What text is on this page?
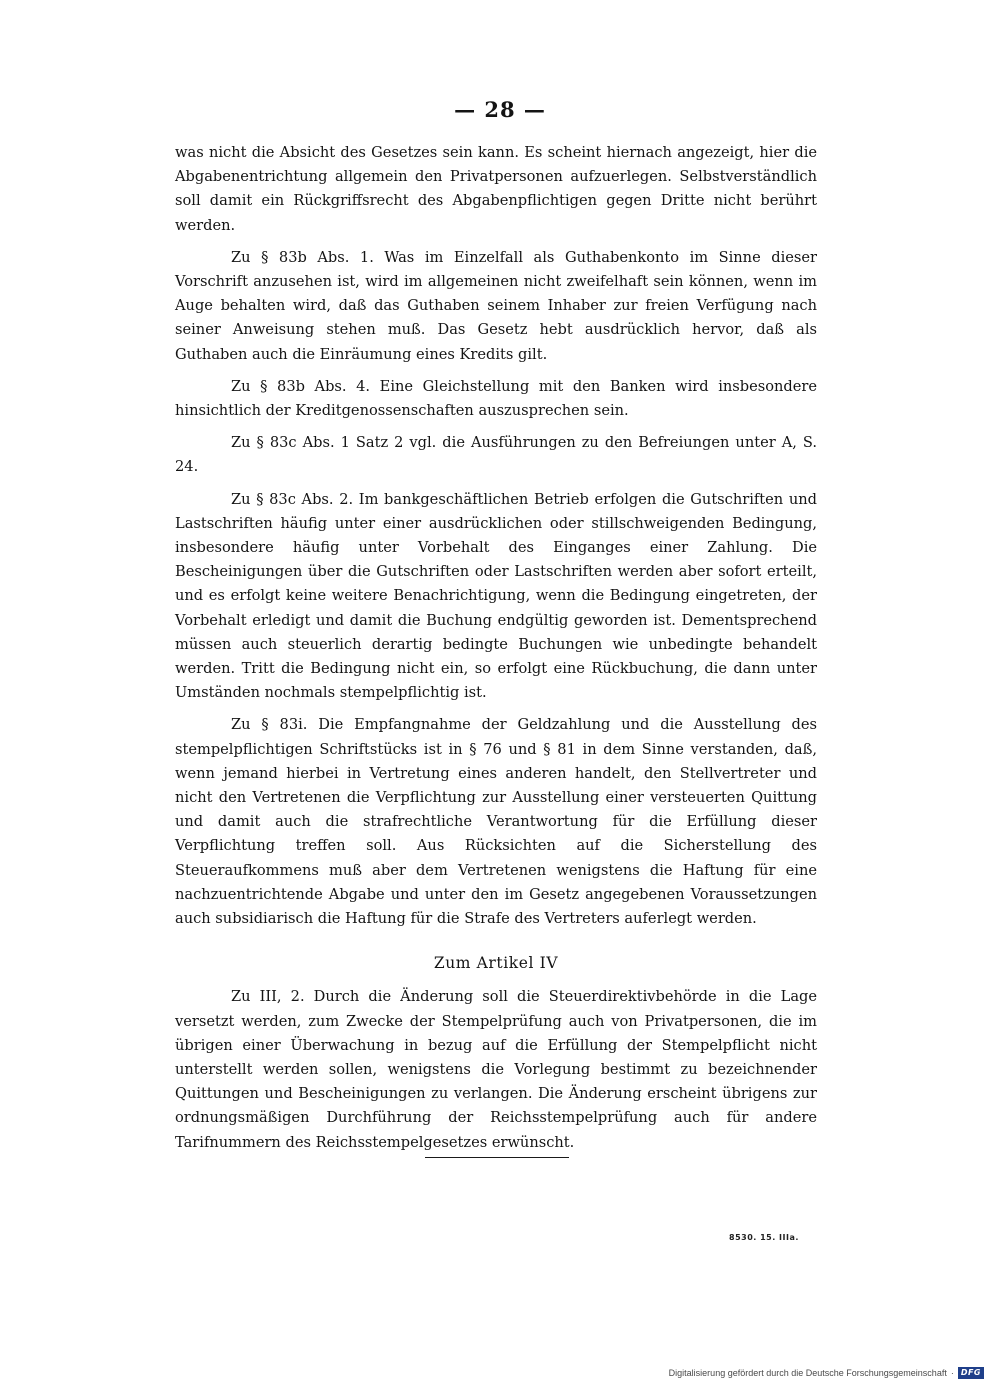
— 28 —

was nicht die Absicht des Gesetzes sein kann. Es scheint hiernach angezeigt, hier die Abgabenentrichtung allgemein den Privatpersonen aufzuerlegen. Selbstverständlich soll damit ein Rückgriffsrecht des Abgabenpflichtigen gegen Dritte nicht berührt werden.

Zu § 83b Abs. 1. Was im Einzelfall als Guthabenkonto im Sinne dieser Vorschrift anzusehen ist, wird im allgemeinen nicht zweifelhaft sein können, wenn im Auge behalten wird, daß das Guthaben seinem Inhaber zur freien Verfügung nach seiner Anweisung stehen muß. Das Gesetz hebt ausdrücklich hervor, daß als Guthaben auch die Einräumung eines Kredits gilt.

Zu § 83b Abs. 4. Eine Gleichstellung mit den Banken wird insbesondere hinsichtlich der Kreditgenossenschaften auszusprechen sein.

Zu § 83c Abs. 1 Satz 2 vgl. die Ausführungen zu den Befreiungen unter A, S. 24.

Zu § 83c Abs. 2. Im bankgeschäftlichen Betrieb erfolgen die Gutschriften und Lastschriften häufig unter einer ausdrücklichen oder stillschweigenden Bedingung, insbesondere häufig unter Vorbehalt des Einganges einer Zahlung. Die Bescheinigungen über die Gutschriften oder Lastschriften werden aber sofort erteilt, und es erfolgt keine weitere Benachrichtigung, wenn die Bedingung eingetreten, der Vorbehalt erledigt und damit die Buchung endgültig geworden ist. Dementsprechend müssen auch steuerlich derartig bedingte Buchungen wie unbedingte behandelt werden. Tritt die Bedingung nicht ein, so erfolgt eine Rückbuchung, die dann unter Umständen nochmals stempelpflichtig ist.

Zu § 83i. Die Empfangnahme der Geldzahlung und die Ausstellung des stempelpflichtigen Schriftstücks ist in § 76 und § 81 in dem Sinne verstanden, daß, wenn jemand hierbei in Vertretung eines anderen handelt, den Stellvertreter und nicht den Vertretenen die Verpflichtung zur Ausstellung einer versteuerten Quittung und damit auch die strafrechtliche Verantwortung für die Erfüllung dieser Verpflichtung treffen soll. Aus Rücksichten auf die Sicherstellung des Steueraufkommens muß aber dem Vertretenen wenigstens die Haftung für eine nachzuentrichtende Abgabe und unter den im Gesetz angegebenen Voraussetzungen auch subsidiarisch die Haftung für die Strafe des Vertreters auferlegt werden.

Zum Artikel IV

Zu III, 2. Durch die Änderung soll die Steuerdirektivbehörde in die Lage versetzt werden, zum Zwecke der Stempelprüfung auch von Privatpersonen, die im übrigen einer Überwachung in bezug auf die Erfüllung der Stempelpflicht nicht unterstellt werden sollen, wenigstens die Vorlegung bestimmt zu bezeichnender Quittungen und Bescheinigungen zu verlangen. Die Änderung erscheint übrigens zur ordnungsmäßigen Durchführung der Reichsstempelprüfung auch für andere Tarifnummern des Reichsstempelgesetzes erwünscht.

8530. 15. IIIa.
Digitalisierung gefördert durch die Deutsche Forschungsgemeinschaft · DFG
